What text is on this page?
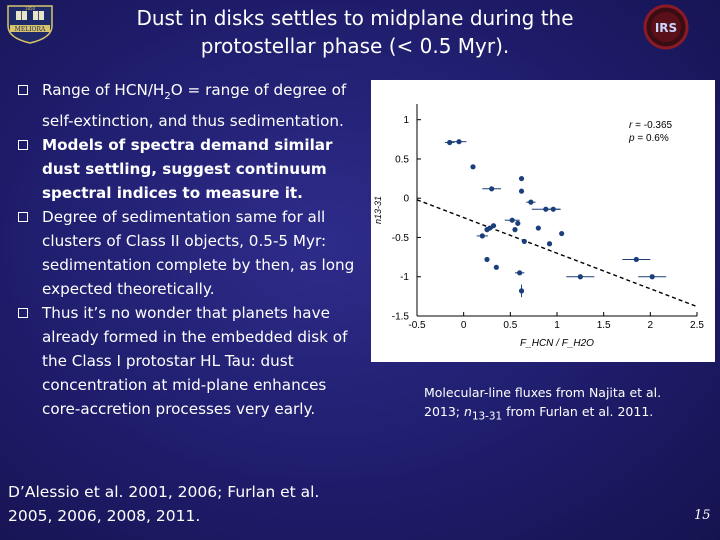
1850
MELIORA	IRS
Dust in disks settles to midplane during the
protostellar phase (< 0.5 Myr).
Range of HCN/$H_2O$ = range of degree of self-extinction, and thus sedimentation.
Models of spectra demand similar dust settling, suggest continuum spectral indices to measure it.
Degree of sedimentation same for all clusters of Class II objects, 0.5-5 Myr: sedimentation complete by then, as long expected theoretically.
Thus it’s no wonder that planets have already formed in the embedded disk of the Class I protostar HL Tau: dust concentration at mid-plane enhances core-accretion processes very early.
D’Alessio et al. 2001, 2006; Furlan et al.
2005, 2006, 2008, 2011.
-0.5	0	0.5	1	1.5	2	2.5
1
0.5
0
-0.5
-1
-1.5
F_HCN / F_H2O
n13-31
r = -0.365
p = 0.6%
Molecular-line fluxes from Najita et al.
2013; $n_{13-31}$ from Furlan et al. 2011.
15
